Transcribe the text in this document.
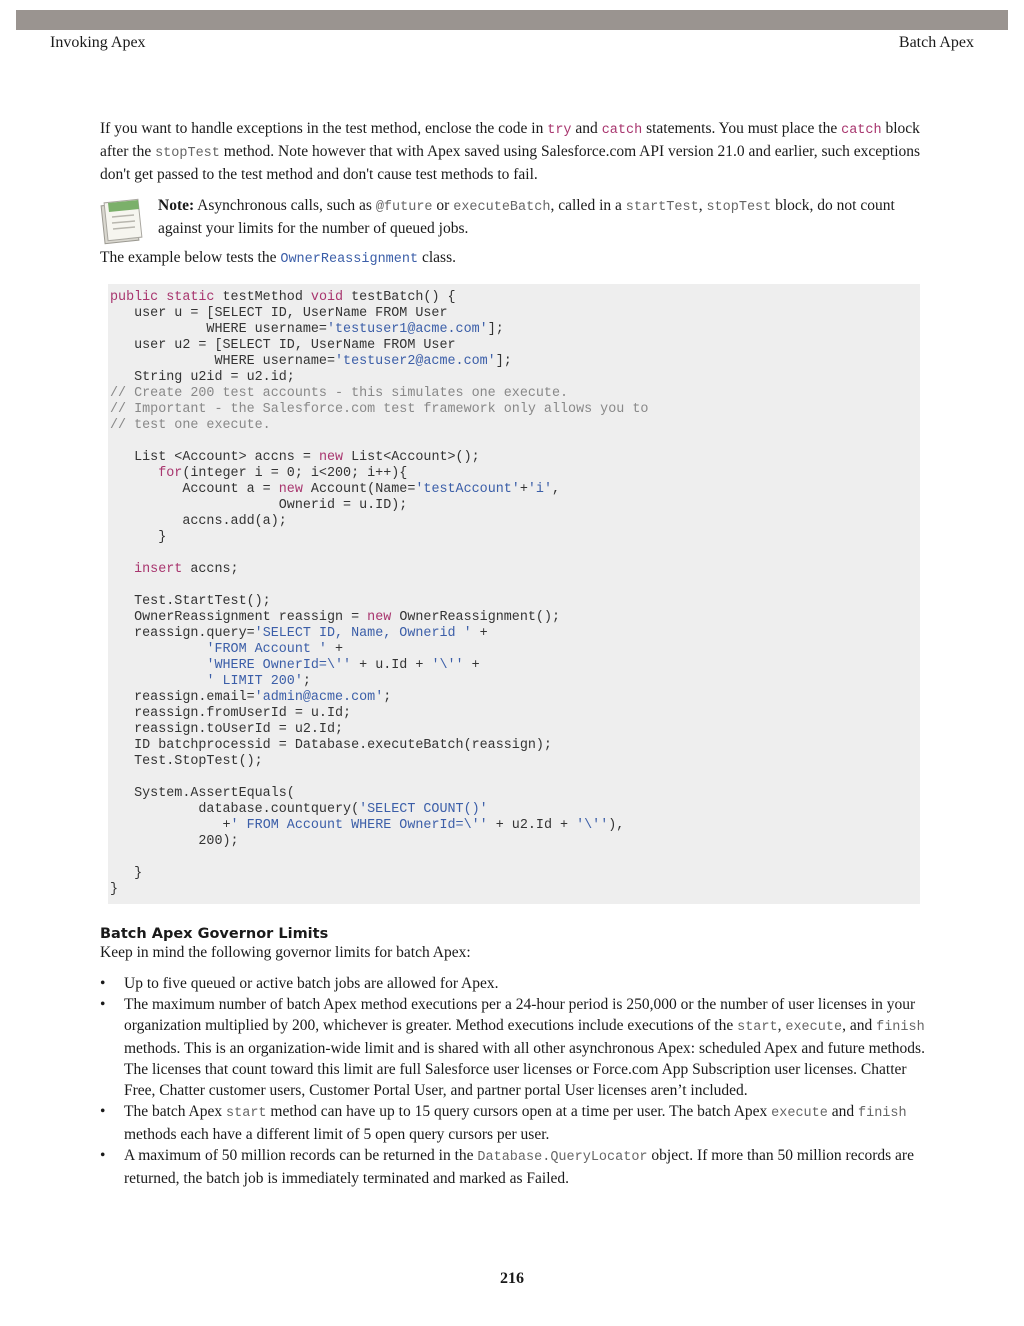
Invoking Apex	Batch Apex

If you want to handle exceptions in the test method, enclose the code in try and catch statements. You must place the catch block after the stopTest method. Note however that with Apex saved using Salesforce.com API version 21.0 and earlier, such exceptions don't get passed to the test method and don't cause test methods to fail.

Note: Asynchronous calls, such as @future or executeBatch, called in a startTest, stopTest block, do not count against your limits for the number of queued jobs.

The example below tests the OwnerReassignment class.

public static testMethod void testBatch() {
user u = [SELECT ID, UserName FROM User
WHERE username='testuser1@acme.com'];
user u2 = [SELECT ID, UserName FROM User
WHERE username='testuser2@acme.com'];
String u2id = u2.id;
// Create 200 test accounts - this simulates one execute.
// Important - the Salesforce.com test framework only allows you to
// test one execute.

List <Account> accns = new List<Account>();
for(integer i = 0; i<200; i++){
Account a = new Account(Name='testAccount'+'i',
Ownerid = u.ID);
accns.add(a);
}

insert accns;

Test.StartTest();
OwnerReassignment reassign = new OwnerReassignment();
reassign.query='SELECT ID, Name, Ownerid ' +
'FROM Account ' +
'WHERE OwnerId=\'' + u.Id + '\'' +
' LIMIT 200';
reassign.email='admin@acme.com';
reassign.fromUserId = u.Id;
reassign.toUserId = u2.Id;
ID batchprocessid = Database.executeBatch(reassign);
Test.StopTest();

System.AssertEquals(
database.countquery('SELECT COUNT()'
+' FROM Account WHERE OwnerId=\'' + u2.Id + '\''),
200);

}
}
Batch Apex Governor Limits

Keep in mind the following governor limits for batch Apex:

• Up to five queued or active batch jobs are allowed for Apex.
• The maximum number of batch Apex method executions per a 24-hour period is 250,000 or the number of user licenses in your organization multiplied by 200, whichever is greater. Method executions include executions of the start, execute, and finish methods. This is an organization-wide limit and is shared with all other asynchronous Apex: scheduled Apex and future methods. The licenses that count toward this limit are full Salesforce user licenses or Force.com App Subscription user licenses. Chatter Free, Chatter customer users, Customer Portal User, and partner portal User licenses aren’t included.
• The batch Apex start method can have up to 15 query cursors open at a time per user. The batch Apex execute and finish methods each have a different limit of 5 open query cursors per user.
• A maximum of 50 million records can be returned in the Database.QueryLocator object. If more than 50 million records are returned, the batch job is immediately terminated and marked as Failed.
216
